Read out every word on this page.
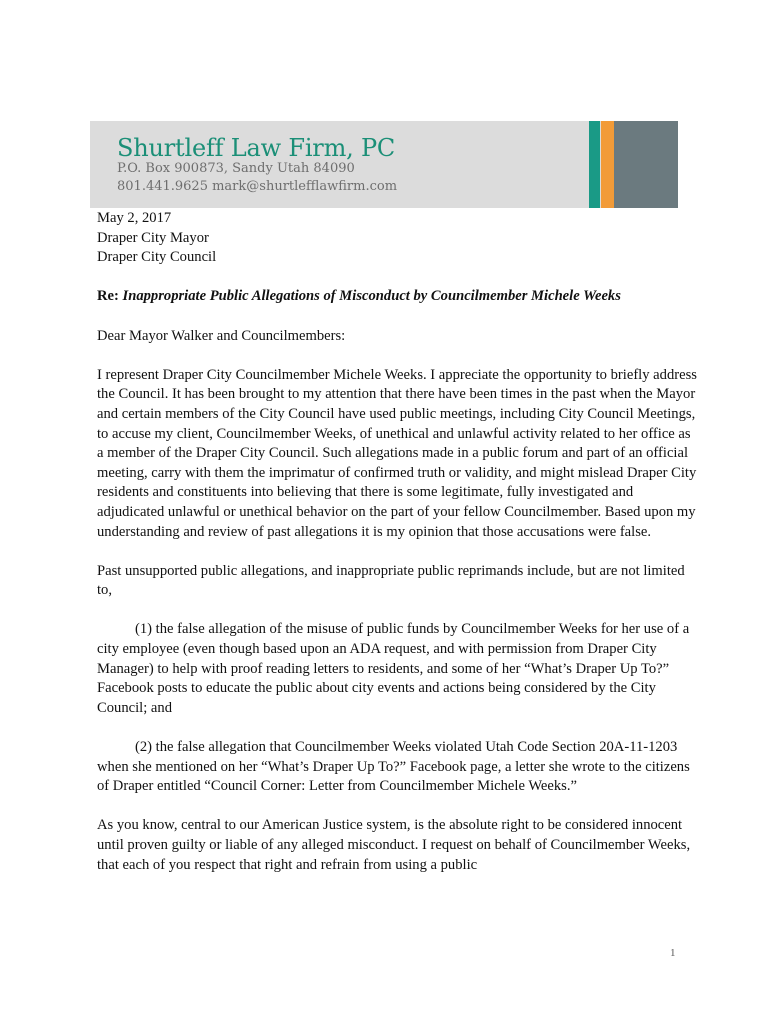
Shurtleff Law Firm, PC
P.O. Box 900873, Sandy Utah 84090
801.441.9625 mark@shurtlefflawfirm.com

May 2, 2017

Draper City Mayor

Draper City Council

Re: Inappropriate Public Allegations of Misconduct by Councilmember Michele Weeks

Dear Mayor Walker and Councilmembers:

I represent Draper City Councilmember Michele Weeks. I appreciate the opportunity to briefly address the Council. It has been brought to my attention that there have been times in the past when the Mayor and certain members of the City Council have used public meetings, including City Council Meetings, to accuse my client, Councilmember Weeks, of unethical and unlawful activity related to her office as a member of the Draper City Council. Such allegations made in a public forum and part of an official meeting, carry with them the imprimatur of confirmed truth or validity, and might mislead Draper City residents and constituents into believing that there is some legitimate, fully investigated and adjudicated unlawful or unethical behavior on the part of your fellow Councilmember. Based upon my understanding and review of past allegations it is my opinion that those accusations were false.

Past unsupported public allegations, and inappropriate public reprimands include, but are not limited to,

(1) the false allegation of the misuse of public funds by Councilmember Weeks for her use of a city employee (even though based upon an ADA request, and with permission from Draper City Manager) to help with proof reading letters to residents, and some of her “What’s Draper Up To?” Facebook posts to educate the public about city events and actions being considered by the City Council; and

(2) the false allegation that Councilmember Weeks violated Utah Code Section 20A-11-1203 when she mentioned on her “What’s Draper Up To?” Facebook page, a letter she wrote to the citizens of Draper entitled “Council Corner: Letter from Councilmember Michele Weeks.”

As you know, central to our American Justice system, is the absolute right to be considered innocent until proven guilty or liable of any alleged misconduct. I request on behalf of Councilmember Weeks, that each of you respect that right and refrain from using a public

1
